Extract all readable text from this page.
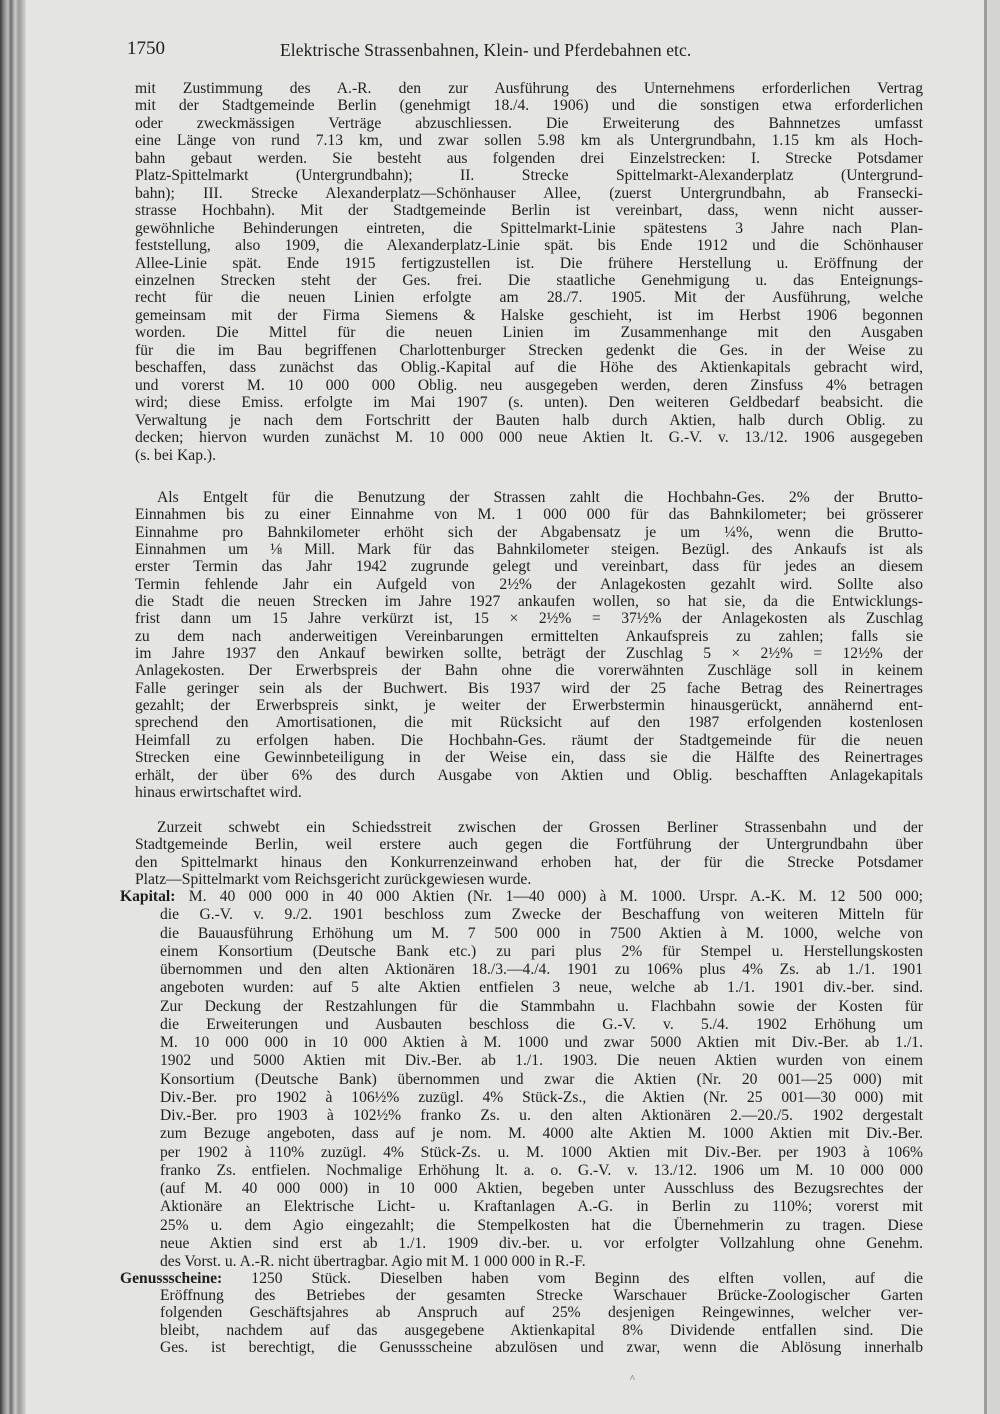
1750	Elektrische Strassenbahnen, Klein- und Pferdebahnen etc.
mit Zustimmung des A.-R. den zur Ausführung des Unternehmens erforderlichen Vertrag
mit der Stadtgemeinde Berlin (genehmigt 18./4. 1906) und die sonstigen etwa erforderlichen
oder zweckmässigen Verträge abzuschliessen. Die Erweiterung des Bahnnetzes umfasst
eine Länge von rund 7.13 km, und zwar sollen 5.98 km als Untergrundbahn, 1.15 km als Hoch-
bahn gebaut werden. Sie besteht aus folgenden drei Einzelstrecken: I. Strecke Potsdamer
Platz-Spittelmarkt (Untergrundbahn); II. Strecke Spittelmarkt-Alexanderplatz (Untergrund-
bahn); III. Strecke Alexanderplatz—Schönhauser Allee, (zuerst Untergrundbahn, ab Fransecki-
strasse Hochbahn). Mit der Stadtgemeinde Berlin ist vereinbart, dass, wenn nicht ausser-
gewöhnliche Behinderungen eintreten, die Spittelmarkt-Linie spätestens 3 Jahre nach Plan-
feststellung, also 1909, die Alexanderplatz-Linie spät. bis Ende 1912 und die Schönhauser
Allee-Linie spät. Ende 1915 fertigzustellen ist. Die frühere Herstellung u. Eröffnung der
einzelnen Strecken steht der Ges. frei. Die staatliche Genehmigung u. das Enteignungs-
recht für die neuen Linien erfolgte am 28./7. 1905. Mit der Ausführung, welche
gemeinsam mit der Firma Siemens & Halske geschieht, ist im Herbst 1906 begonnen
worden. Die Mittel für die neuen Linien im Zusammenhange mit den Ausgaben
für die im Bau begriffenen Charlottenburger Strecken gedenkt die Ges. in der Weise zu
beschaffen, dass zunächst das Oblig.-Kapital auf die Höhe des Aktienkapitals gebracht wird,
und vorerst M. 10 000 000 Oblig. neu ausgegeben werden, deren Zinsfuss 4% betragen
wird; diese Emiss. erfolgte im Mai 1907 (s. unten). Den weiteren Geldbedarf beabsicht. die
Verwaltung je nach dem Fortschritt der Bauten halb durch Aktien, halb durch Oblig. zu
decken; hiervon wurden zunächst M. 10 000 000 neue Aktien lt. G.-V. v. 13./12. 1906 ausgegeben
(s. bei Kap.).
Als Entgelt für die Benutzung der Strassen zahlt die Hochbahn-Ges. 2% der Brutto-
Einnahmen bis zu einer Einnahme von M. 1 000 000 für das Bahnkilometer; bei grösserer
Einnahme pro Bahnkilometer erhöht sich der Abgabensatz je um ¼%, wenn die Brutto-
Einnahmen um ⅛ Mill. Mark für das Bahnkilometer steigen. Bezügl. des Ankaufs ist als
erster Termin das Jahr 1942 zugrunde gelegt und vereinbart, dass für jedes an diesem
Termin fehlende Jahr ein Aufgeld von 2½% der Anlagekosten gezahlt wird. Sollte also
die Stadt die neuen Strecken im Jahre 1927 ankaufen wollen, so hat sie, da die Entwicklungs-
frist dann um 15 Jahre verkürzt ist, 15 × 2½% = 37½% der Anlagekosten als Zuschlag
zu dem nach anderweitigen Vereinbarungen ermittelten Ankaufspreis zu zahlen; falls sie
im Jahre 1937 den Ankauf bewirken sollte, beträgt der Zuschlag 5 × 2½% = 12½% der
Anlagekosten. Der Erwerbspreis der Bahn ohne die vorerwähnten Zuschläge soll in keinem
Falle geringer sein als der Buchwert. Bis 1937 wird der 25 fache Betrag des Reinertrages
gezahlt; der Erwerbspreis sinkt, je weiter der Erwerbstermin hinausgerückt, annähernd ent-
sprechend den Amortisationen, die mit Rücksicht auf den 1987 erfolgenden kostenlosen
Heimfall zu erfolgen haben. Die Hochbahn-Ges. räumt der Stadtgemeinde für die neuen
Strecken eine Gewinnbeteiligung in der Weise ein, dass sie die Hälfte des Reinertrages
erhält, der über 6% des durch Ausgabe von Aktien und Oblig. beschafften Anlagekapitals
hinaus erwirtschaftet wird.
Zurzeit schwebt ein Schiedsstreit zwischen der Grossen Berliner Strassenbahn und der
Stadtgemeinde Berlin, weil erstere auch gegen die Fortführung der Untergrundbahn über
den Spittelmarkt hinaus den Konkurrenzeinwand erhoben hat, der für die Strecke Potsdamer
Platz—Spittelmarkt vom Reichsgericht zurückgewiesen wurde.
Kapital: M. 40 000 000 in 40 000 Aktien (Nr. 1—40 000) à M. 1000. Urspr. A.-K. M. 12 500 000;
die G.-V. v. 9./2. 1901 beschloss zum Zwecke der Beschaffung von weiteren Mitteln für
die Bauausführung Erhöhung um M. 7 500 000 in 7500 Aktien à M. 1000, welche von
einem Konsortium (Deutsche Bank etc.) zu pari plus 2% für Stempel u. Herstellungskosten
übernommen und den alten Aktionären 18./3.—4./4. 1901 zu 106% plus 4% Zs. ab 1./1. 1901
angeboten wurden: auf 5 alte Aktien entfielen 3 neue, welche ab 1./1. 1901 div.-ber. sind.
Zur Deckung der Restzahlungen für die Stammbahn u. Flachbahn sowie der Kosten für
die Erweiterungen und Ausbauten beschloss die G.-V. v. 5./4. 1902 Erhöhung um
M. 10 000 000 in 10 000 Aktien à M. 1000 und zwar 5000 Aktien mit Div.-Ber. ab 1./1.
1902 und 5000 Aktien mit Div.-Ber. ab 1./1. 1903. Die neuen Aktien wurden von einem
Konsortium (Deutsche Bank) übernommen und zwar die Aktien (Nr. 20 001—25 000) mit
Div.-Ber. pro 1902 à 106½% zuzügl. 4% Stück-Zs., die Aktien (Nr. 25 001—30 000) mit
Div.-Ber. pro 1903 à 102½% franko Zs. u. den alten Aktionären 2.—20./5. 1902 dergestalt
zum Bezuge angeboten, dass auf je nom. M. 4000 alte Aktien M. 1000 Aktien mit Div.-Ber.
per 1902 à 110% zuzügl. 4% Stück-Zs. u. M. 1000 Aktien mit Div.-Ber. per 1903 à 106%
franko Zs. entfielen. Nochmalige Erhöhung lt. a. o. G.-V. v. 13./12. 1906 um M. 10 000 000
(auf M. 40 000 000) in 10 000 Aktien, begeben unter Ausschluss des Bezugsrechtes der
Aktionäre an Elektrische Licht- u. Kraftanlagen A.-G. in Berlin zu 110%; vorerst mit
25% u. dem Agio eingezahlt; die Stempelkosten hat die Übernehmerin zu tragen. Diese
neue Aktien sind erst ab 1./1. 1909 div.-ber. u. vor erfolgter Vollzahlung ohne Genehm.
des Vorst. u. A.-R. nicht übertragbar. Agio mit M. 1 000 000 in R.-F.
Genussscheine: 1250 Stück. Dieselben haben vom Beginn des elften vollen, auf die
Eröffnung des Betriebes der gesamten Strecke Warschauer Brücke-Zoologischer Garten
folgenden Geschäftsjahres ab Anspruch auf 25% desjenigen Reingewinnes, welcher ver-
bleibt, nachdem auf das ausgegebene Aktienkapital 8% Dividende entfallen sind. Die
Ges. ist berechtigt, die Genussscheine abzulösen und zwar, wenn die Ablösung innerhalb
^
